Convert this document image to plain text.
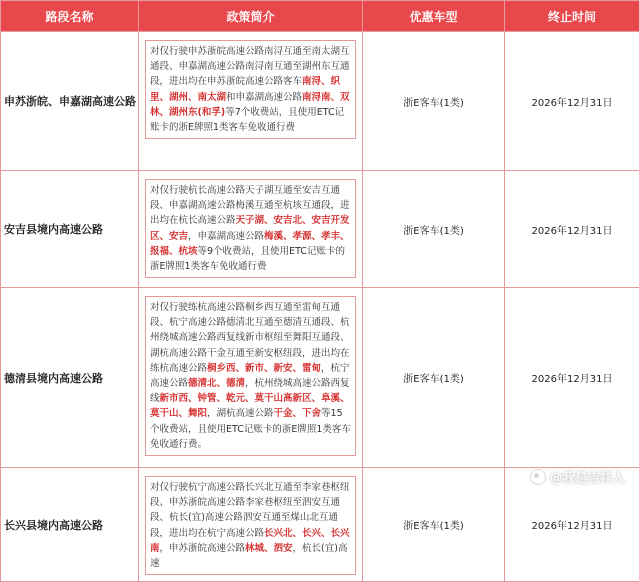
路段名称	政策简介	优惠车型	终止时间
申苏浙皖、申嘉湖高速公路	对仅行驶申苏浙皖高速公路南浔互通至南太湖互通段、申嘉湖高速公路南浔南互通至湖州东互通段，进出均在申苏浙皖高速公路客车南浔、织里、湖州、南太湖和申嘉湖高速公路南浔南、双林、湖州东(和孚)等7个收费站，且使用ETC记账卡的浙E牌照1类客车免收通行费	浙E客车(1类)	2026年12月31日
安吉县境内高速公路	对仅行驶杭长高速公路天子湖互通至安吉互通段、申嘉湖高速公路梅溪互通至杭垓互通段，进出均在杭长高速公路天子湖、安吉北、安吉开发区、安吉，申嘉湖高速公路梅溪、孝源、孝丰、报福、杭垓等9个收费站，且使用ETC记账卡的浙E牌照1类客车免收通行费	浙E客车(1类)	2026年12月31日
德清县境内高速公路	对仅行驶练杭高速公路桐乡西互通至雷甸互通段、杭宁高速公路德清北互通至德清互通段、杭州绕城高速公路西复线新市枢纽至舞阳互通段、湖杭高速公路干金互通至新安枢纽段，进出均在练杭高速公路桐乡西、新市、新安、雷甸，杭宁高速公路德清北、德清，杭州绕城高速公路西复线新市西、钟管、乾元、莫干山高新区、阜溪、莫干山、舞阳，湖杭高速公路干金、下舍等15个收费站，且使用ETC记账卡的浙E牌照1类客车免收通行费。	浙E客车(1类)	2026年12月31日
长兴县境内高速公路	对仅行驶杭宁高速公路长兴北互通至李家巷枢纽段、申苏浙皖高速公路李家巷枢纽至泗安互通段、杭长(宜)高速公路泗安互通至煤山北互通段，进出均在杭宁高速公路长兴北、长兴、长兴南，申苏浙皖高速公路林城、泗安，杭长(宜)高速	浙E客车(1类)	2026年12月31日
@我是吉祥人
